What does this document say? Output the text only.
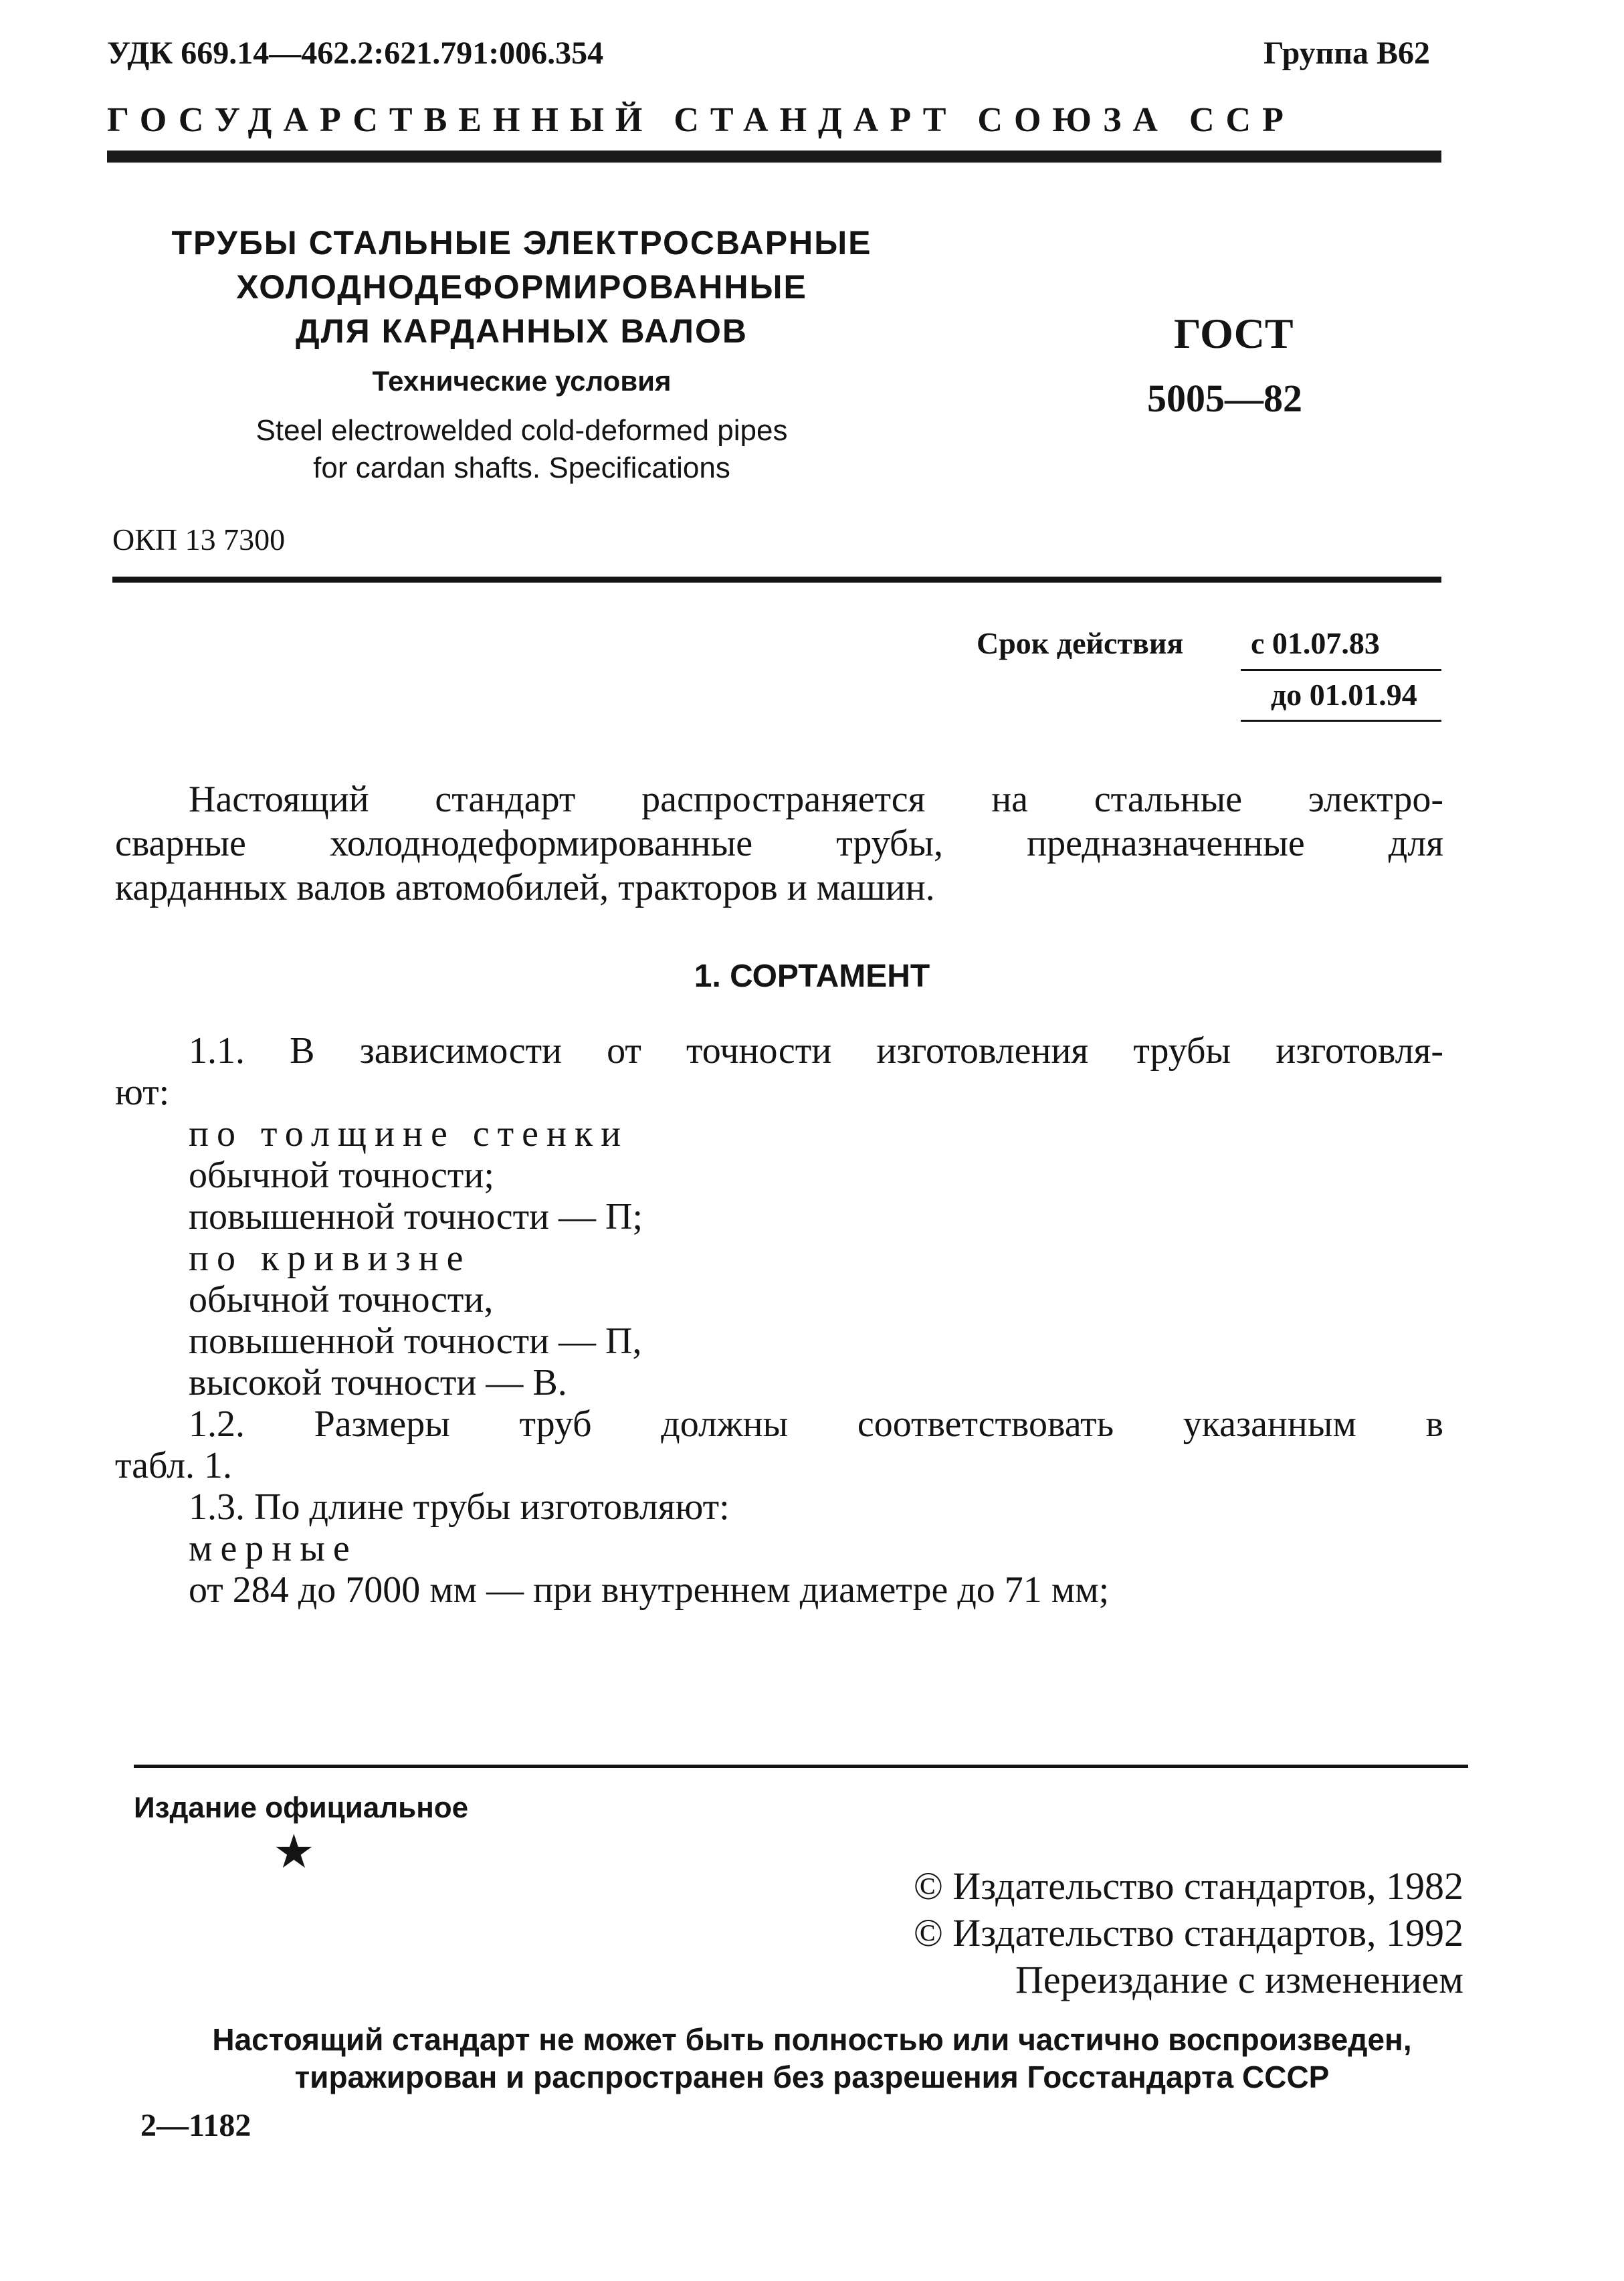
УДК 669.14—462.2:621.791:006.354	Группа В62
ГОСУДАРСТВЕННЫЙ СТАНДАРТ СОЮЗА ССР
ТРУБЫ СТАЛЬНЫЕ ЭЛЕКТРОСВАРНЫЕ
ХОЛОДНОДЕФОРМИРОВАННЫЕ
ДЛЯ КАРДАННЫХ ВАЛОВ
Технические условия
Steel electrowelded cold-deformed pipes
for cardan shafts. Specifications
ГОСТ
5005—82
ОКП 13 7300
Срок действия с 01.07.83
до 01.01.94
Настоящий стандарт распространяется на стальные электро-
сварные холоднодеформированные трубы, предназначенные для
карданных валов автомобилей, тракторов и машин.
1. СОРТАМЕНТ
1.1. В зависимости от точности изготовления трубы изготовля-
ют:
по толщине стенки
обычной точности;
повышенной точности — П;
по кривизне
обычной точности,
повышенной точности — П,
высокой точности — В.
1.2. Размеры труб должны соответствовать указанным в
табл. 1.
1.3. По длине трубы изготовляют:
мерные
от 284 до 7000 мм — при внутреннем диаметре до 71 мм;
Издание официальное
★
© Издательство стандартов, 1982
© Издательство стандартов, 1992
Переиздание с изменением
Настоящий стандарт не может быть полностью или частично воспроизведен,
тиражирован и распространен без разрешения Госстандарта СССР
2—1182
